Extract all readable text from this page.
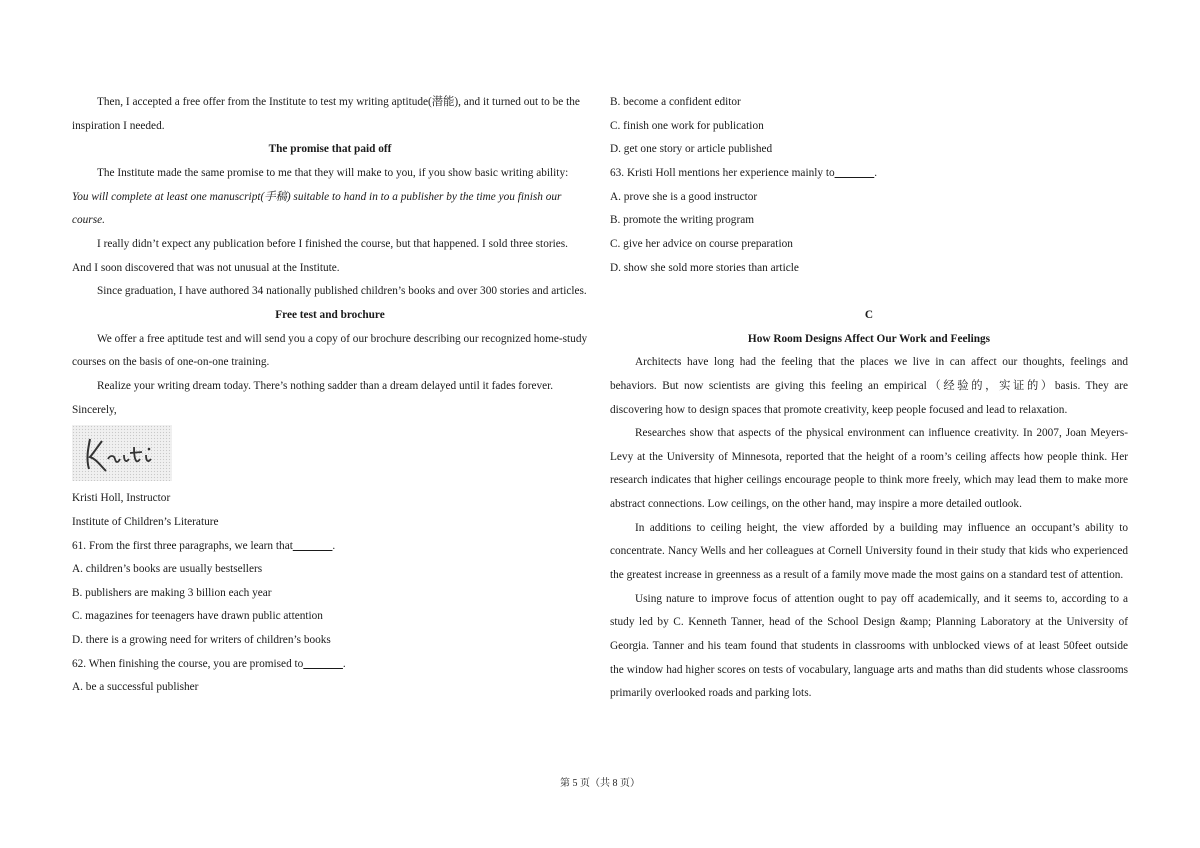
Then, I accepted a free offer from the Institute to test my writing aptitude(潜能), and it turned out to be the inspiration I needed.

The promise that paid off

The Institute made the same promise to me that they will make to you, if you show basic writing ability:

You will complete at least one manuscript(手稿) suitable to hand in to a publisher by the time you finish our course.

I really didn’t expect any publication before I finished the course, but that happened. I sold three stories. And I soon discovered that was not unusual at the Institute.

Since graduation, I have authored 34 nationally published children’s books and over 300 stories and articles.

Free test and brochure

We offer a free aptitude test and will send you a copy of our brochure describing our recognized home-study courses on the basis of one-on-one training.

Realize your writing dream today. There’s nothing sadder than a dream delayed until it fades forever.

Sincerely,

Kristi Holl, Instructor

Institute of Children’s Literature

61. From the first three paragraphs, we learn that_______.

A. children’s books are usually bestsellers

B. publishers are making 3 billion each year

C. magazines for teenagers have drawn public attention

D. there is a growing need for writers of children’s books

62. When finishing the course, you are promised to_______.

A. be a successful publisher

B. become a confident editor

C. finish one work for publication

D. get one story or article published

63. Kristi Holl mentions her experience mainly to_______.

A. prove she is a good instructor

B. promote the writing program

C. give her advice on course preparation

D. show she sold more stories than article

C

How Room Designs Affect Our Work and Feelings

Architects have long had the feeling that the places we live in can affect our thoughts, feelings and behaviors. But now scientists are giving this feeling an empirical（经验的，实证的）basis. They are discovering how to design spaces that promote creativity, keep people focused and lead to relaxation.

Researches show that aspects of the physical environment can influence creativity. In 2007, Joan Meyers-Levy at the University of Minnesota, reported that the height of a room’s ceiling affects how people think. Her research indicates that higher ceilings encourage people to think more freely, which may lead them to make more abstract connections. Low ceilings, on the other hand, may inspire a more detailed outlook.

In additions to ceiling height, the view afforded by a building may influence an occupant’s ability to concentrate. Nancy Wells and her colleagues at Cornell University found in their study that kids who experienced the greatest increase in greenness as a result of a family move made the most gains on a standard test of attention.

Using nature to improve focus of attention ought to pay off academically, and it seems to, according to a study led by C. Kenneth Tanner, head of the School Design &amp; Planning Laboratory at the University of Georgia. Tanner and his team found that students in classrooms with unblocked views of at least 50feet outside the window had higher scores on tests of vocabulary, language arts and maths than did students whose classrooms primarily overlooked roads and parking lots.

第 5 页（共 8 页）
